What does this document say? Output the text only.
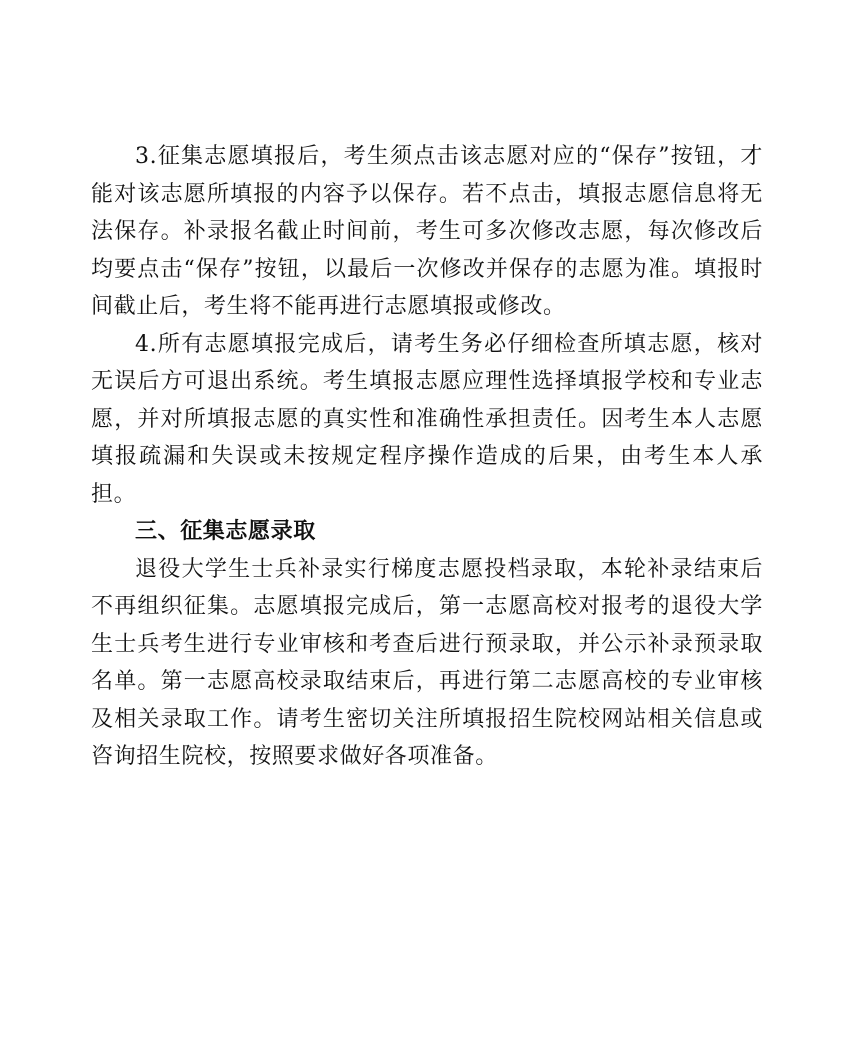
3.征集志愿填报后，考生须点击该志愿对应的“保存”按钮，才能对该志愿所填报的内容予以保存。若不点击，填报志愿信息将无法保存。补录报名截止时间前，考生可多次修改志愿，每次修改后均要点击“保存”按钮，以最后一次修改并保存的志愿为准。填报时间截止后，考生将不能再进行志愿填报或修改。

4.所有志愿填报完成后，请考生务必仔细检查所填志愿，核对无误后方可退出系统。考生填报志愿应理性选择填报学校和专业志愿，并对所填报志愿的真实性和准确性承担责任。因考生本人志愿填报疏漏和失误或未按规定程序操作造成的后果，由考生本人承担。

三、征集志愿录取

退役大学生士兵补录实行梯度志愿投档录取，本轮补录结束后不再组织征集。志愿填报完成后，第一志愿高校对报考的退役大学生士兵考生进行专业审核和考查后进行预录取，并公示补录预录取名单。第一志愿高校录取结束后，再进行第二志愿高校的专业审核及相关录取工作。请考生密切关注所填报招生院校网站相关信息或咨询招生院校，按照要求做好各项准备。
